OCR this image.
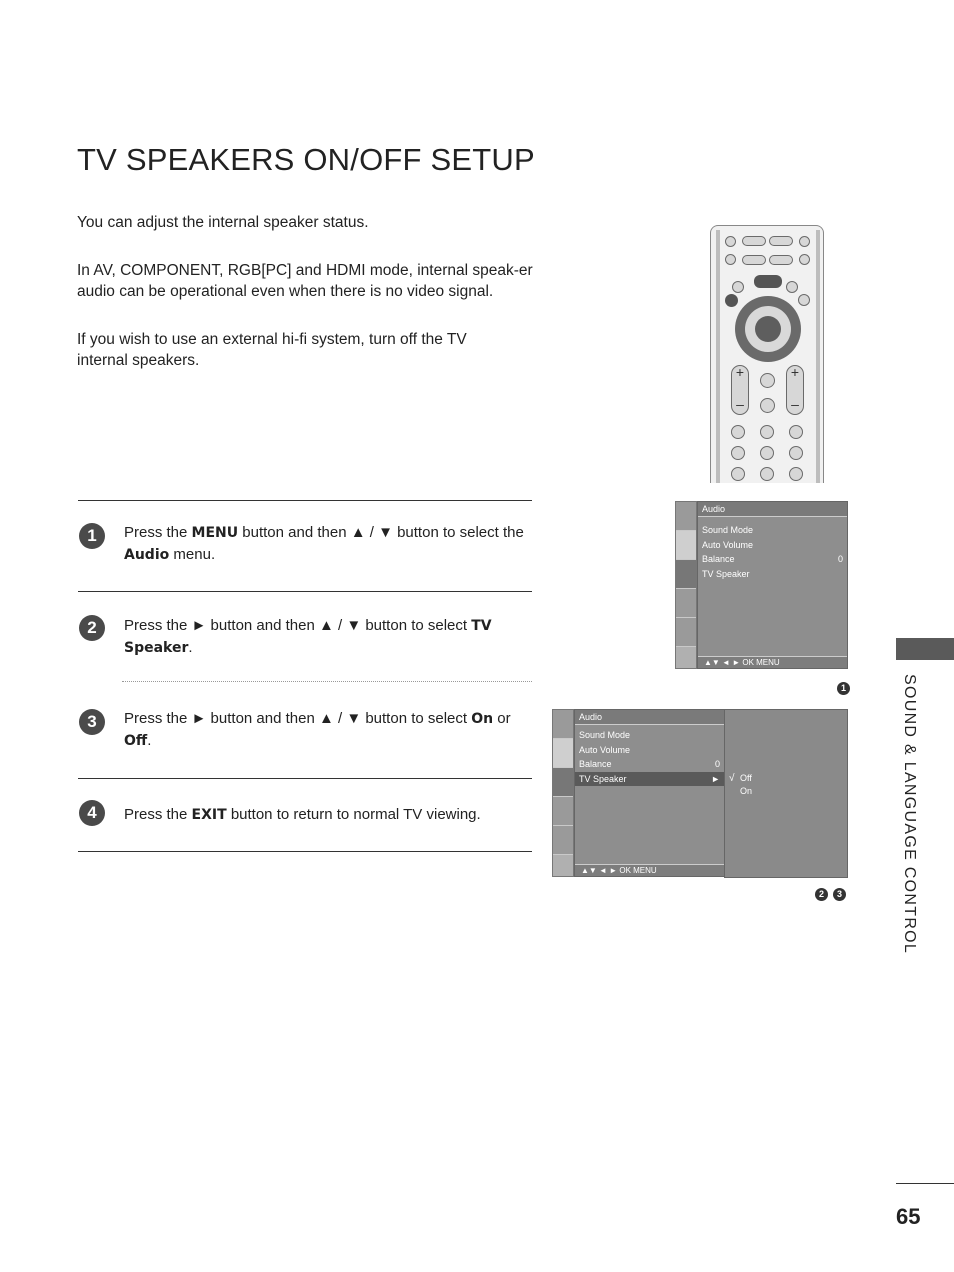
TV SPEAKERS ON/OFF SETUP

You can adjust the internal speaker status.

In AV, COMPONENT, RGB[PC] and HDMI mode, internal speak-er audio can be operational even when there is no video signal.

If you wish to use an external hi-fi system, turn off the TV internal speakers.

1	Press the MENU button and then ▲ / ▼ button to select the Audio menu.
2	Press the ► button and then ▲ / ▼ button to select TV Speaker.
3	Press the ► button and then ▲ / ▼ button to select On or Off.
4	Press the EXIT button to return to normal TV viewing.
+
–
+
–
Audio
Sound Mode
Auto Volume
Balance	0
TV Speaker
▲▼ ◄ ► OK MENU
1
Audio
Sound Mode
Auto Volume
Balance	0
TV Speaker	►
▲▼ ◄ ► OK MENU
√ Off
On
2	3	SOUND & LANGUAGE CONTROL
65
